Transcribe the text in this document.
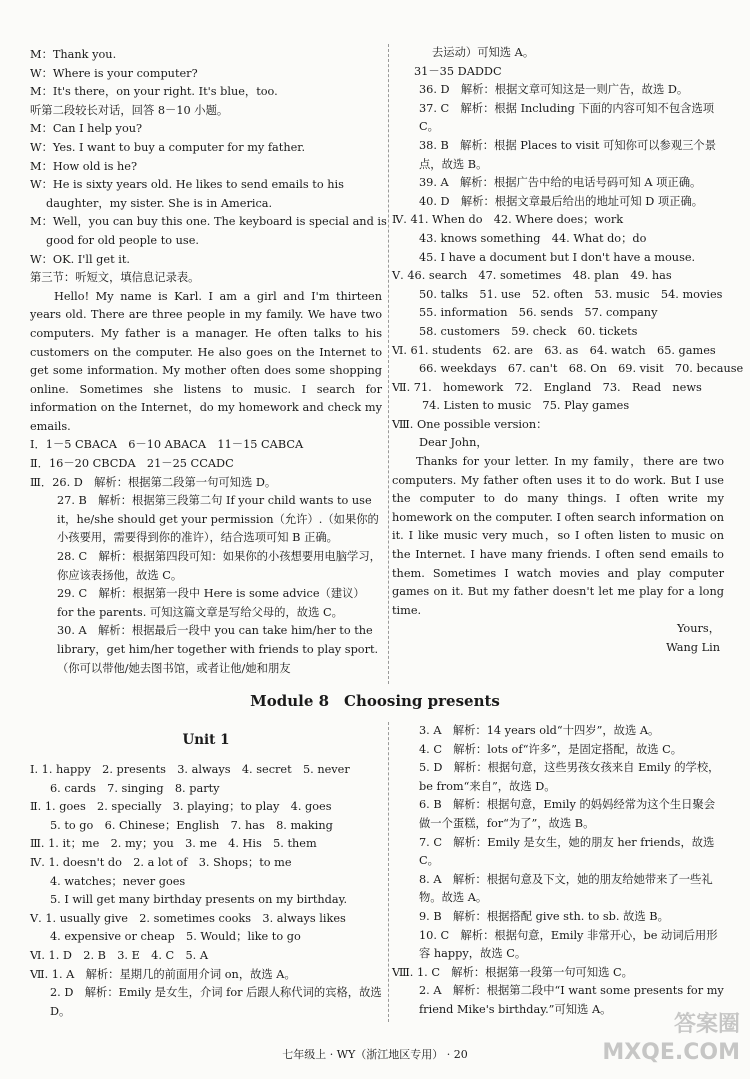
M：Thank you.
W：Where is your computer?
M：It's there，on your right. It's blue，too.
听第二段较长对话，回答 8－10 小题。
M：Can I help you?
W：Yes. I want to buy a computer for my father.
M：How old is he?
W：He is sixty years old. He likes to send emails to his
daughter，my sister. She is in America.
M：Well，you can buy this one. The keyboard is special and is
good for old people to use.
W：OK. I'll get it.
第三节：听短文，填信息记录表。
Hello! My name is Karl. I am a girl and I'm thirteen years old. There are three people in my family. We have two computers. My father is a manager. He often talks to his customers on the computer. He also goes on the Internet to get some information. My mother often does some shopping online. Sometimes she listens to music. I search for information on the Internet，do my homework and check my emails.
Ⅰ．1－5 CBACA　6－10 ABACA　11－15 CABCA
Ⅱ．16－20 CBCDA　21－25 CCADC
Ⅲ．26. D　解析：根据第二段第一句可知选 D。
27. B　解析：根据第三段第二句 If your child wants to use it，he/she should get your permission（允许）.（如果你的小孩要用，需要得到你的准许），结合选项可知 B 正确。
28. C　解析：根据第四段可知：如果你的小孩想要用电脑学习，你应该表扬他，故选 C。
29. C　解析：根据第一段中 Here is some advice（建议） for the parents. 可知这篇文章是写给父母的，故选 C。
30. A　解析：根据最后一段中 you can take him/her to the library，get him/her together with friends to play sport.（你可以带他/她去图书馆，或者让他/她和朋友
去运动）可知选 A。
31－35 DADDC
36. D　解析：根据文章可知这是一则广告，故选 D。
37. C　解析：根据 Including 下面的内容可知不包含选项 C。
38. B　解析：根据 Places to visit 可知你可以参观三个景点，故选 B。
39. A　解析：根据广告中给的电话号码可知 A 项正确。
40. D　解析：根据文章最后给出的地址可知 D 项正确。
Ⅳ. 41. When do　42. Where does；work
43. knows something　44. What do；do
45. I have a document but I don't have a mouse.
Ⅴ. 46. search　47. sometimes　48. plan　49. has
50. talks　51. use　52. often　53. music　54. movies
55. information　56. sends　57. company
58. customers　59. check　60. tickets
Ⅵ. 61. students　62. are　63. as　64. watch　65. games
66. weekdays　67. can't　68. On　69. visit　70. because
Ⅶ. 71.　homework　72.　England　73.　Read　news
74. Listen to music　75. Play games
Ⅷ. One possible version：
Dear John，
Thanks for your letter. In my family，there are two computers. My father often uses it to do work. But I use the computer to do many things. I often write my homework on the computer. I often search information on it. I like music very much，so I often listen to music on the Internet. I have many friends. I often send emails to them. Sometimes I watch movies and play computer games on it. But my father doesn't let me play for a long time.
Yours，
Wang Lin
Module 8　Choosing presents
Unit 1
Ⅰ. 1. happy　2. presents　3. always　4. secret　5. never
6. cards　7. singing　8. party
Ⅱ. 1. goes　2. specially　3. playing；to play　4. goes
5. to go　6. Chinese；English　7. has　8. making
Ⅲ. 1. it；me　2. my；you　3. me　4. His　5. them
Ⅳ. 1. doesn't do　2. a lot of　3. Shops；to me
4. watches；never goes
5. I will get many birthday presents on my birthday.
Ⅴ. 1. usually give　2. sometimes cooks　3. always likes
4. expensive or cheap　5. Would；like to go
Ⅵ. 1. D　2. B　3. E　4. C　5. A
Ⅶ. 1. A　解析：星期几的前面用介词 on，故选 A。
2. D　解析：Emily 是女生，介词 for 后跟人称代词的宾格，故选 D。
3. A　解析：14 years old“十四岁”，故选 A。
4. C　解析：lots of“许多”，是固定搭配，故选 C。
5. D　解析：根据句意，这些男孩女孩来自 Emily 的学校，be from“来自”，故选 D。
6. B　解析：根据句意，Emily 的妈妈经常为这个生日聚会做一个蛋糕，for“为了”，故选 B。
7. C　解析：Emily 是女生，她的朋友 her friends，故选 C。
8. A　解析：根据句意及下文，她的朋友给她带来了一些礼物。故选 A。
9. B　解析：根据搭配 give sth. to sb. 故选 B。
10. C　解析：根据句意，Emily 非常开心，be 动词后用形容 happy，故选 C。
Ⅷ. 1. C　解析：根据第一段第一句可知选 C。
2. A　解析：根据第二段中“I want some presents for my friend Mike's birthday.”可知选 A。
七年级上 · WY（浙江地区专用） · 20
答案圈 MXQE.COM
